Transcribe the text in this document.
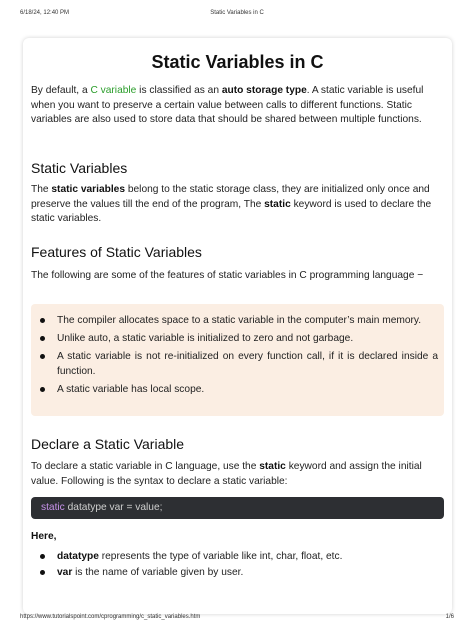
6/18/24, 12:40 PM	Static Variables in C
Static Variables in C

By default, a C variable is classified as an auto storage type. A static variable is useful when you want to preserve a certain value between calls to different functions. Static variables are also used to store data that should be shared between multiple functions.

Static Variables

The static variables belong to the static storage class, they are initialized only once and preserve the values till the end of the program, The static keyword is used to declare the static variables.

Features of Static Variables

The following are some of the features of static variables in C programming language −

The compiler allocates space to a static variable in the computer’s main memory.
Unlike auto, a static variable is initialized to zero and not garbage.
A static variable is not re-initialized on every function call, if it is declared inside a function.
A static variable has local scope.
Declare a Static Variable

To declare a static variable in C language, use the static keyword and assign the initial value. Following is the syntax to declare a static variable:

static datatype var = value;

Here,

datatype represents the type of variable like int, char, float, etc.
var is the name of variable given by user.
https://www.tutorialspoint.com/cprogramming/c_static_variables.htm	1/6
